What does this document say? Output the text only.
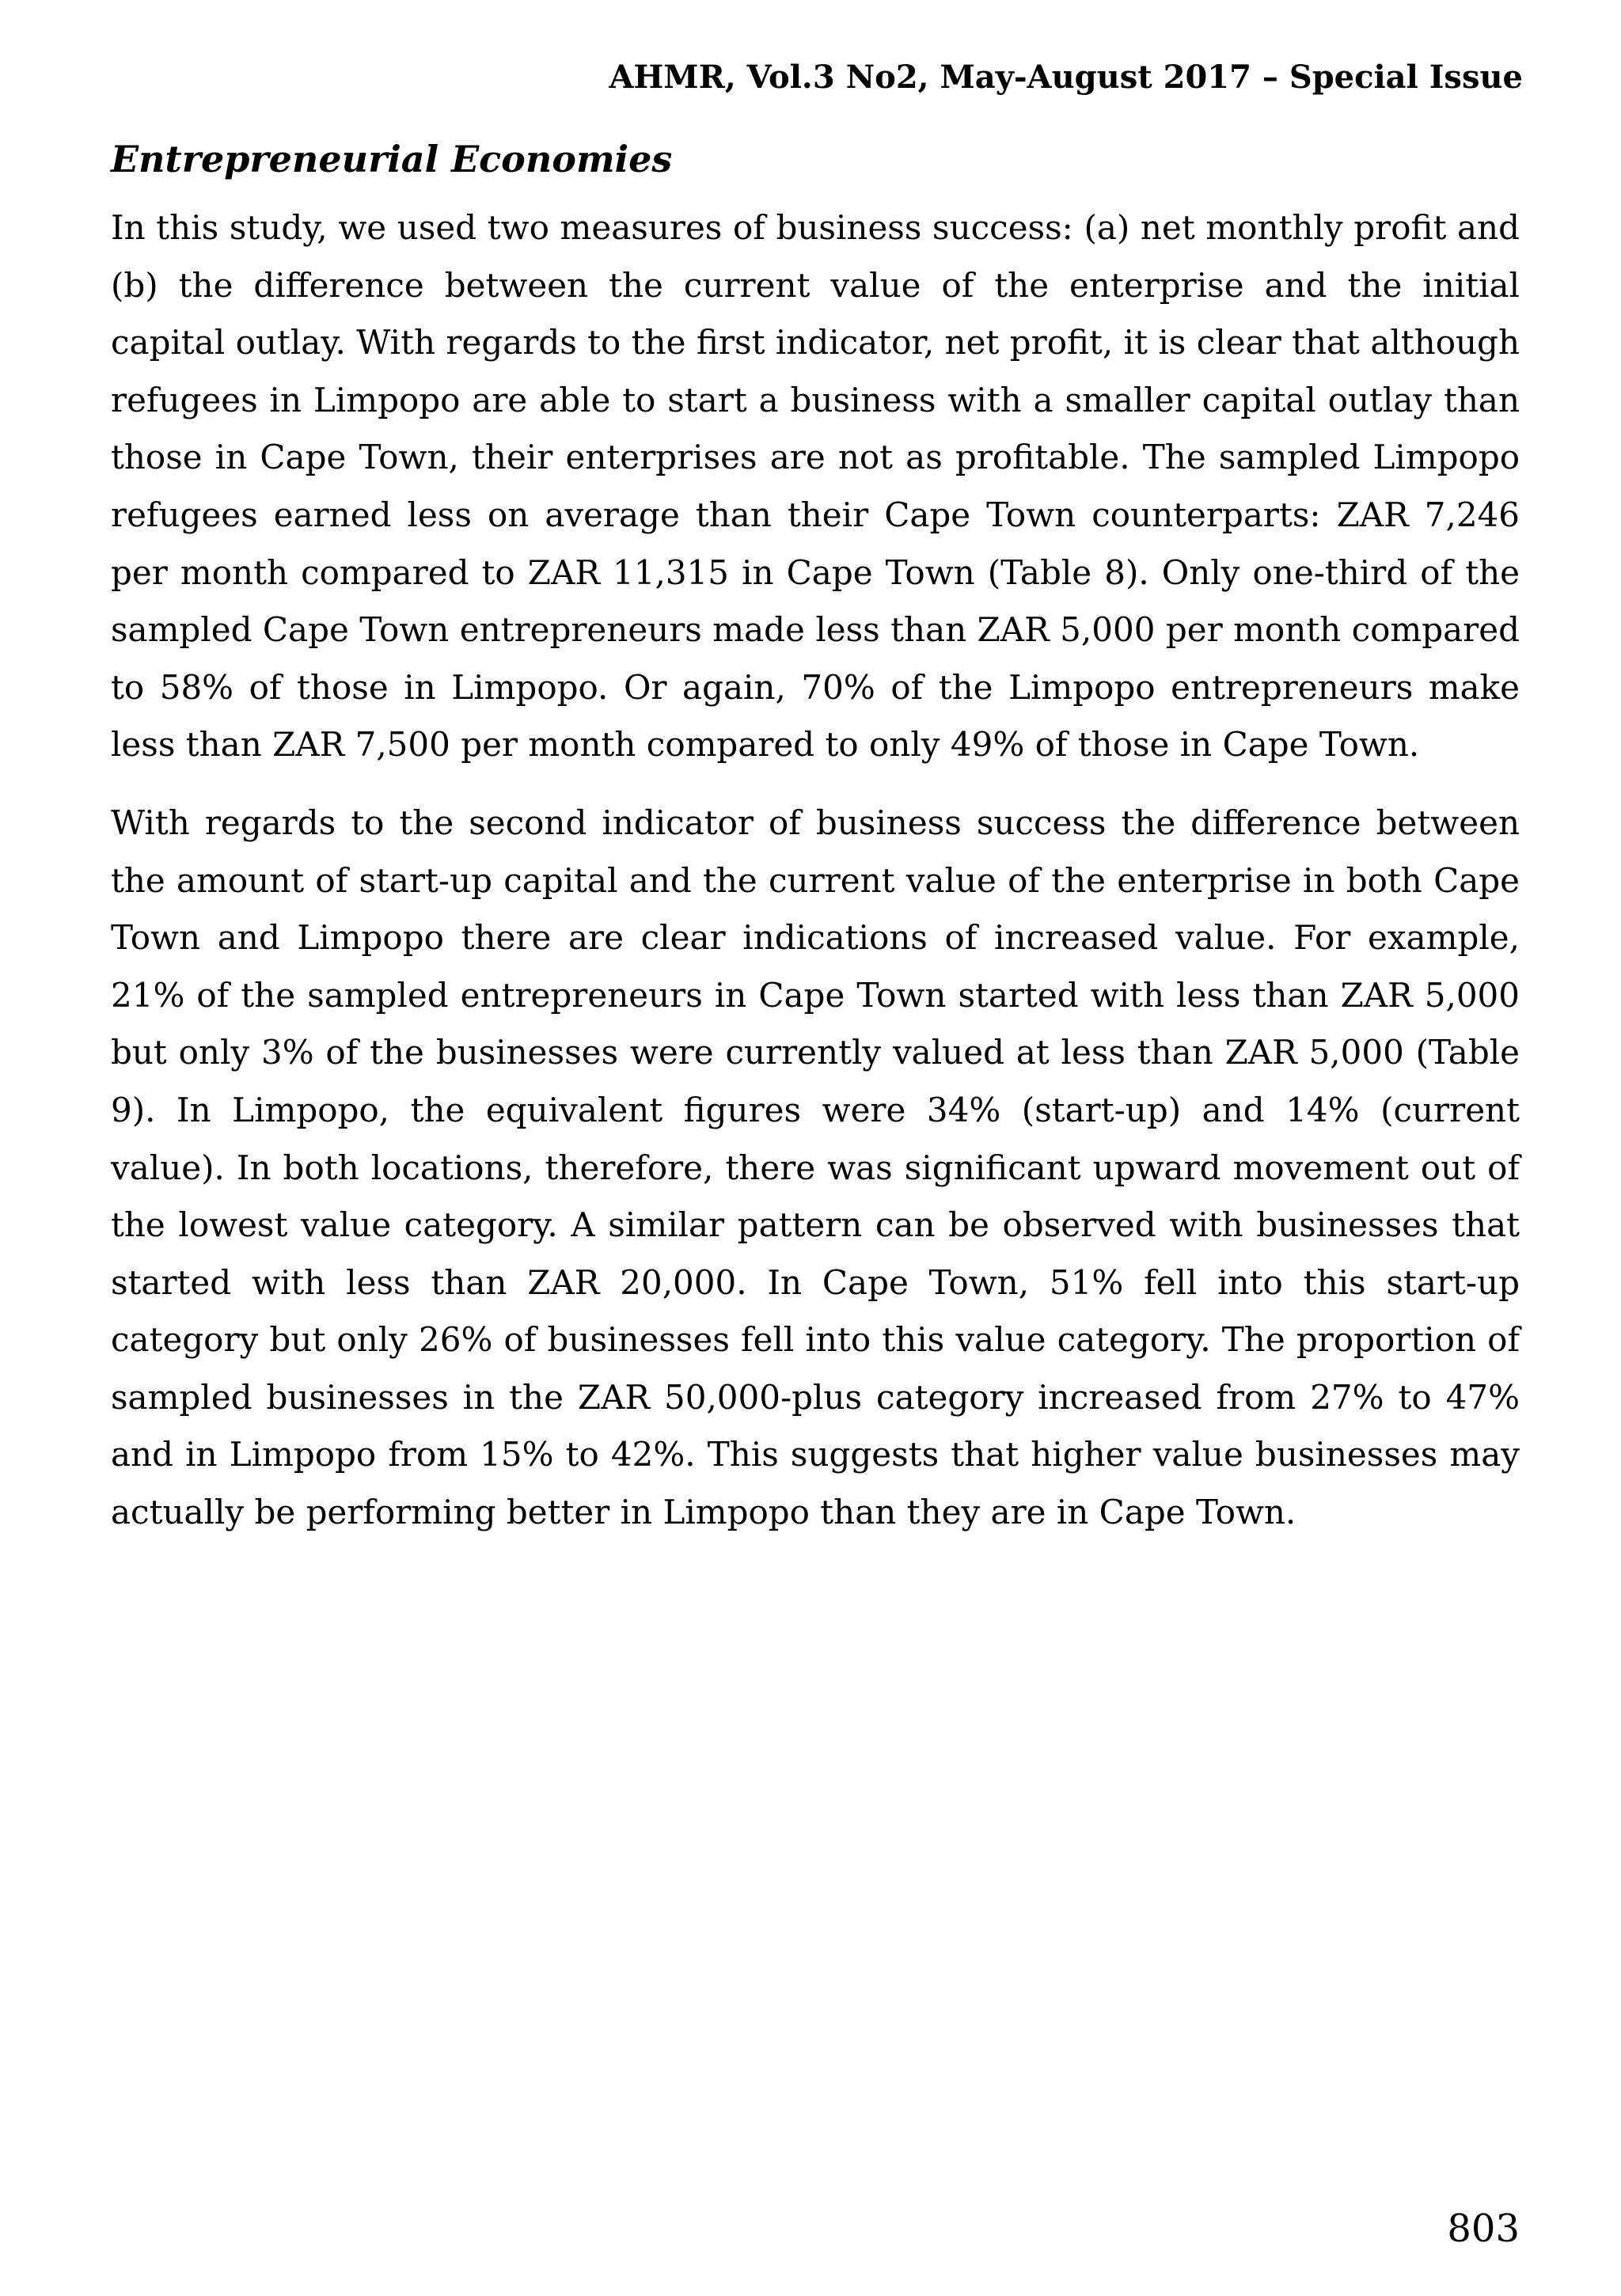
AHMR, Vol.3 No2, May-August 2017 – Special Issue
Entrepreneurial Economies

In this study, we used two measures of business success: (a) net monthly profit and (b) the difference between the current value of the enterprise and the initial capital outlay. With regards to the first indicator, net profit, it is clear that although refugees in Limpopo are able to start a business with a smaller capital outlay than those in Cape Town, their enterprises are not as profitable. The sampled Limpopo refugees earned less on average than their Cape Town counterparts: ZAR 7,246 per month compared to ZAR 11,315 in Cape Town (Table 8). Only one-third of the sampled Cape Town entrepreneurs made less than ZAR 5,000 per month compared to 58% of those in Limpopo. Or again, 70% of the Limpopo entrepreneurs make less than ZAR 7,500 per month compared to only 49% of those in Cape Town.

With regards to the second indicator of business success the difference between the amount of start-up capital and the current value of the enterprise in both Cape Town and Limpopo there are clear indications of increased value. For example, 21% of the sampled entrepreneurs in Cape Town started with less than ZAR 5,000 but only 3% of the businesses were currently valued at less than ZAR 5,000 (Table 9). In Limpopo, the equivalent figures were 34% (start-up) and 14% (current value). In both locations, therefore, there was significant upward movement out of the lowest value category. A similar pattern can be observed with businesses that started with less than ZAR 20,000. In Cape Town, 51% fell into this start-up category but only 26% of businesses fell into this value category. The proportion of sampled businesses in the ZAR 50,000-plus category increased from 27% to 47% and in Limpopo from 15% to 42%. This suggests that higher value businesses may actually be performing better in Limpopo than they are in Cape Town.

803
